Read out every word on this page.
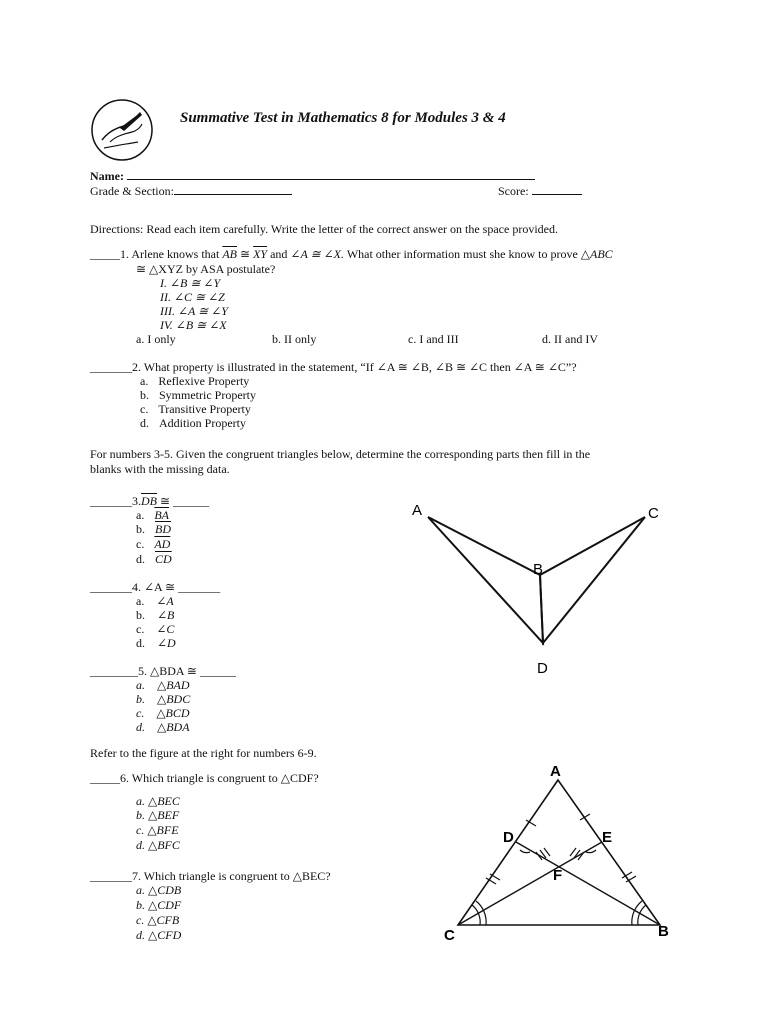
Summative Test in Mathematics 8 for Modules 3 & 4
Name:
Grade & Section:	Score:
Directions: Read each item carefully. Write the letter of the correct answer on the space provided.
_____1. Arlene knows that $\overline{AB}$ ≅ $\overline{XY}$ and ∠A ≅ ∠X. What other information must she know to prove △ABC
≅ △XYZ by ASA postulate?
I. ∠B ≅ ∠Y
II. ∠C ≅ ∠Z
III. ∠A ≅ ∠Y
IV. ∠B ≅ ∠X
a. I only	b. II only	c. I and III	d. II and IV
_______2. What property is illustrated in the statement, “If ∠A ≅ ∠B, ∠B ≅ ∠C then ∠A ≅ ∠C”?
a. Reflexive Property
b. Symmetric Property
c. Transitive Property
d. Addition Property
For numbers 3-5. Given the congruent triangles below, determine the corresponding parts then fill in the
blanks with the missing data.
$\_\_\_\_\_\_\_3.\overline{DB}$ ≅ ______
a. $\overline{BA}$
b. $\overline{BD}$
c. $\overline{AD}$
d. $\overline{CD}$
_______4. ∠A ≅ _______
a. ∠A
b. ∠B
c. ∠C
d. ∠D
________5. △BDA ≅ ______
a. △BAD
b. △BDC
c. △BCD
d. △BDA
Refer to the figure at the right for numbers 6-9.
_____6. Which triangle is congruent to △CDF?
a. △BEC
b. △BEF
c. △BFE
d. △BFC
_______7. Which triangle is congruent to △BEC?
a. △CDB
b. △CDF
c. △CFB
d. △CFD
A	C
B
D
A
D	E
F
C	B
